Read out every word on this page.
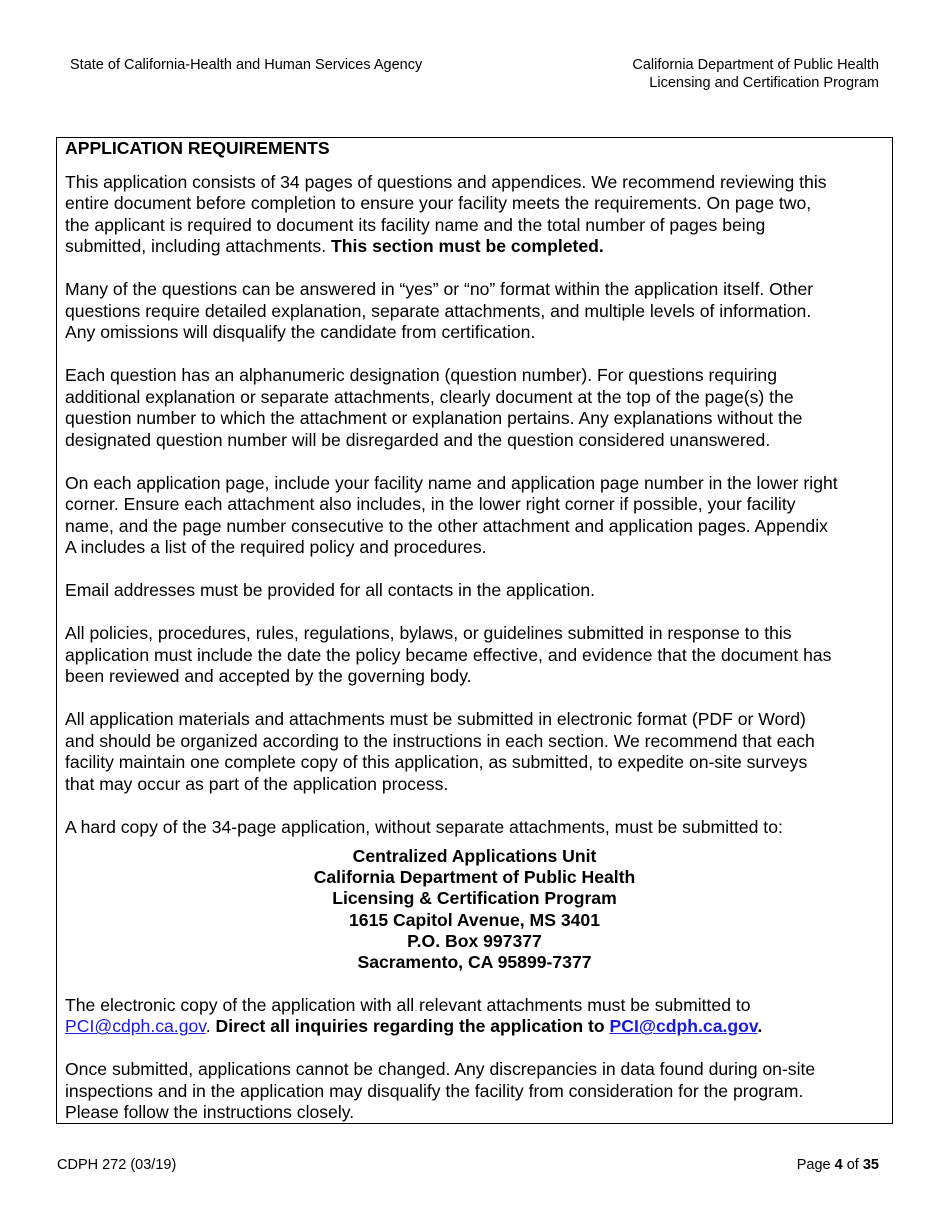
State of California-Health and Human Services Agency	California Department of Public Health
Licensing and Certification Program
APPLICATION REQUIREMENTS

This application consists of 34 pages of questions and appendices. We recommend reviewing this
entire document before completion to ensure your facility meets the requirements. On page two,
the applicant is required to document its facility name and the total number of pages being
submitted, including attachments. This section must be completed.

Many of the questions can be answered in “yes” or “no” format within the application itself. Other
questions require detailed explanation, separate attachments, and multiple levels of information.
Any omissions will disqualify the candidate from certification.

Each question has an alphanumeric designation (question number). For questions requiring
additional explanation or separate attachments, clearly document at the top of the page(s) the
question number to which the attachment or explanation pertains. Any explanations without the
designated question number will be disregarded and the question considered unanswered.

On each application page, include your facility name and application page number in the lower right
corner. Ensure each attachment also includes, in the lower right corner if possible, your facility
name, and the page number consecutive to the other attachment and application pages. Appendix
A includes a list of the required policy and procedures.

Email addresses must be provided for all contacts in the application.

All policies, procedures, rules, regulations, bylaws, or guidelines submitted in response to this
application must include the date the policy became effective, and evidence that the document has
been reviewed and accepted by the governing body.

All application materials and attachments must be submitted in electronic format (PDF or Word)
and should be organized according to the instructions in each section. We recommend that each
facility maintain one complete copy of this application, as submitted, to expedite on-site surveys
that may occur as part of the application process.

A hard copy of the 34-page application, without separate attachments, must be submitted to:

Centralized Applications Unit
California Department of Public Health
Licensing & Certification Program
1615 Capitol Avenue, MS 3401
P.O. Box 997377
Sacramento, CA 95899-7377

The electronic copy of the application with all relevant attachments must be submitted to
PCI@cdph.ca.gov. Direct all inquiries regarding the application to PCI@cdph.ca.gov.

Once submitted, applications cannot be changed. Any discrepancies in data found during on-site
inspections and in the application may disqualify the facility from consideration for the program.
Please follow the instructions closely.

CDPH 272 (03/19)	Page 4 of 35
